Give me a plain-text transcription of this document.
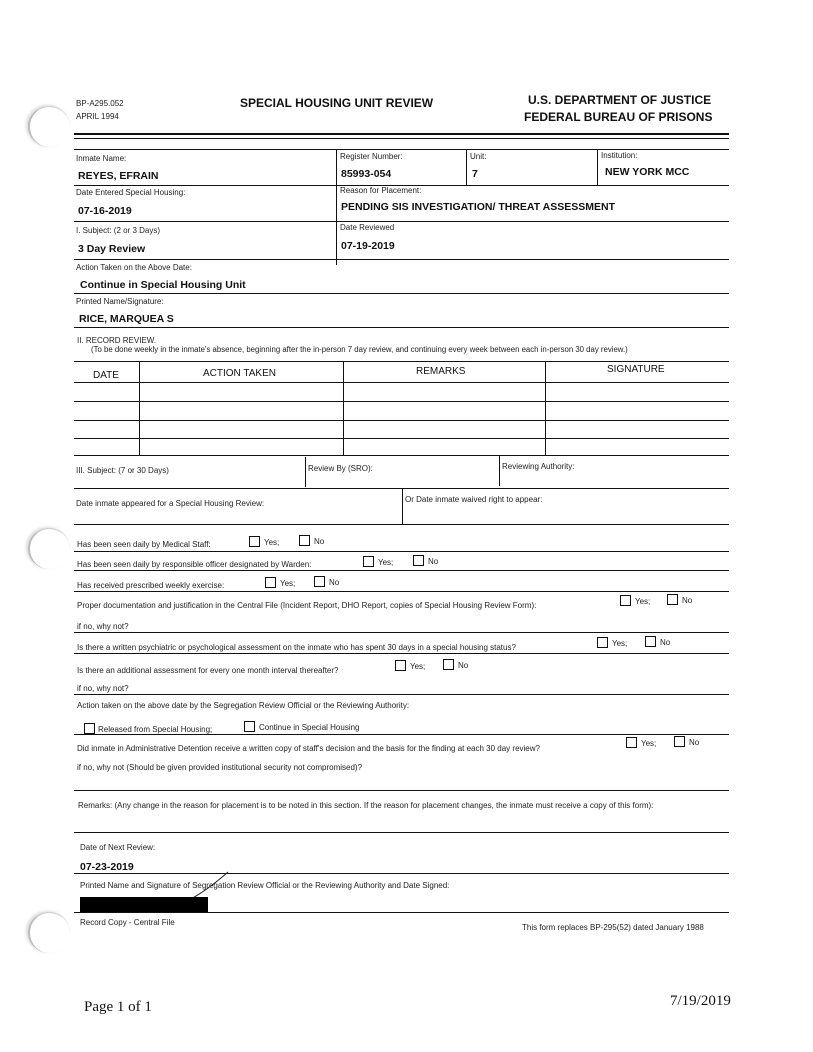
BP-A295.052
APRIL 1994
SPECIAL HOUSING UNIT REVIEW	U.S. DEPARTMENT OF JUSTICE
FEDERAL BUREAU OF PRISONS
Inmate Name:
REYES, EFRAIN
Register Number:
85993-054
Unit:
7
Institution:
NEW YORK MCC
Date Entered Special Housing:
07-16-2019
Reason for Placement:
PENDING SIS INVESTIGATION/ THREAT ASSESSMENT
I. Subject: (2 or 3 Days)
3 Day Review
Date Reviewed
07-19-2019
Action Taken on the Above Date:
Continue in Special Housing Unit
Printed Name/Signature:
RICE, MARQUEA S
II. RECORD REVIEW.
(To be done weekly in the inmate's absence, beginning after the in-person 7 day review, and continuing every week between each in-person 30 day review.)
DATE	ACTION TAKEN	REMARKS	SIGNATURE
III. Subject: (7 or 30 Days)	Review By (SRO):	Reviewing Authority:
Date inmate appeared for a Special Housing Review:	Or Date inmate waived right to appear:
Has been seen daily by Medical Staff:	Yes;	No
Has been seen daily by responsible officer designated by Warden:	Yes;	No
Has received prescribed weekly exercise:	Yes;	No
Proper documentation and justification in the Central File (Incident Report, DHO Report, copies of Special Housing Review Form):	Yes;	No
if no, why not?
Is there a written psychiatric or psychological assessment on the inmate who has spent 30 days in a special housing status?	Yes;	No
Is there an additional assessment for every one month interval thereafter?	Yes;	No
if no, why not?
Action taken on the above date by the Segregation Review Official or the Reviewing Authority:
Released from Special Housing;	Continue in Special Housing
Did inmate in Administrative Detention receive a written copy of staff's decision and the basis for the finding at each 30 day review?
Yes;	No
if no, why not (Should be given provided institutional security not compromised)?
Remarks: (Any change in the reason for placement is to be noted in this section. If the reason for placement changes, the inmate must receive a copy of this form):
Date of Next Review:
07-23-2019
Printed Name and Signature of Segregation Review Official or the Reviewing Authority and Date Signed:
Record Copy - Central File
This form replaces BP-295(52) dated January 1988
Page 1 of 1	7/19/2019
